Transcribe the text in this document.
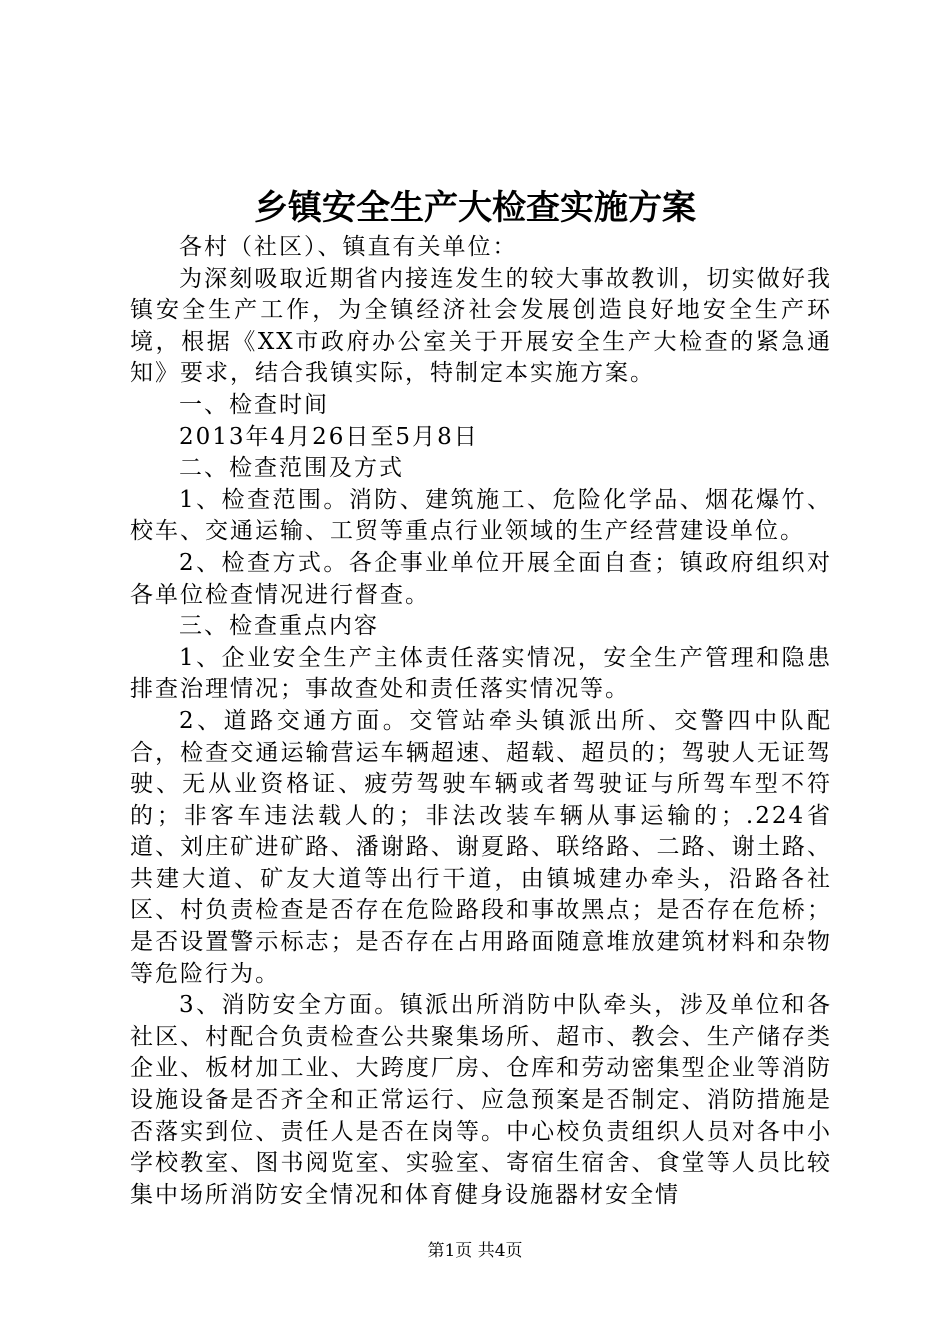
乡镇安全生产大检查实施方案

各村（社区）、镇直有关单位：

为深刻吸取近期省内接连发生的较大事故教训，切实做好我镇安全生产工作，为全镇经济社会发展创造良好地安全生产环境，根据《XX市政府办公室关于开展安全生产大检查的紧急通知》要求，结合我镇实际，特制定本实施方案。

一、检查时间

2013年4月26日至5月8日

二、检查范围及方式

1、检查范围。消防、建筑施工、危险化学品、烟花爆竹、校车、交通运输、工贸等重点行业领域的生产经营建设单位。

2、检查方式。各企事业单位开展全面自查；镇政府组织对各单位检查情况进行督查。

三、检查重点内容

1、企业安全生产主体责任落实情况，安全生产管理和隐患排查治理情况；事故查处和责任落实情况等。

2、道路交通方面。交管站牵头镇派出所、交警四中队配合，检查交通运输营运车辆超速、超载、超员的；驾驶人无证驾驶、无从业资格证、疲劳驾驶车辆或者驾驶证与所驾车型不符的；非客车违法载人的；非法改装车辆从事运输的；.224省道、刘庄矿进矿路、潘谢路、谢夏路、联络路、二路、谢土路、共建大道、矿友大道等出行干道，由镇城建办牵头，沿路各社区、村负责检查是否存在危险路段和事故黑点；是否存在危桥；是否设置警示标志；是否存在占用路面随意堆放建筑材料和杂物等危险行为。

3、消防安全方面。镇派出所消防中队牵头，涉及单位和各社区、村配合负责检查公共聚集场所、超市、教会、生产储存类企业、板材加工业、大跨度厂房、仓库和劳动密集型企业等消防设施设备是否齐全和正常运行、应急预案是否制定、消防措施是否落实到位、责任人是否在岗等。中心校负责组织人员对各中小学校教室、图书阅览室、实验室、寄宿生宿舍、食堂等人员比较集中场所消防安全情况和体育健身设施器材安全情

第1页 共4页
